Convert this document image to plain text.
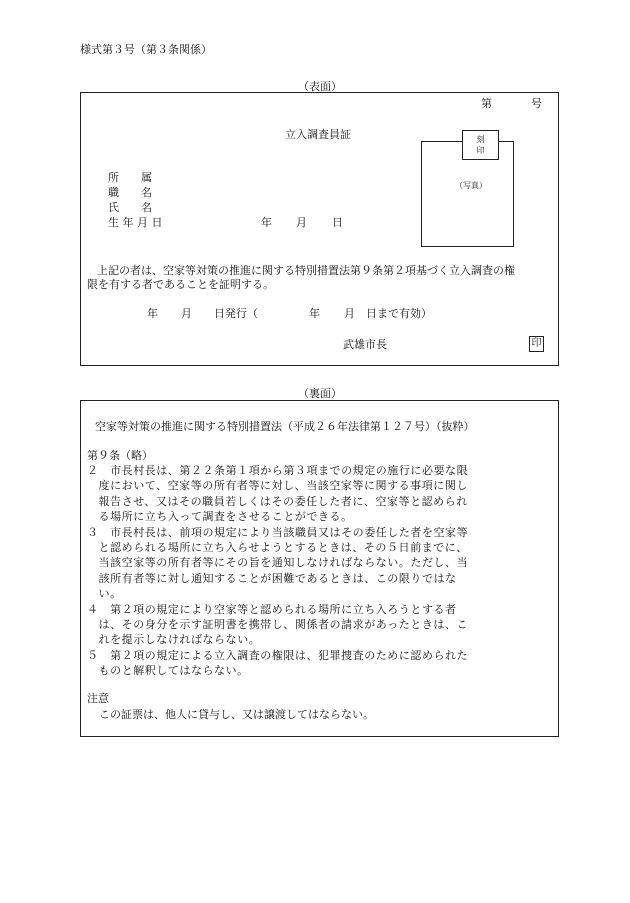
様式第３号（第３条関係）
（表面）
第	号
立入調査員証
（写真）
刻
印
所　　属
職　　名
氏　　名
生 年 月 日	年 月 日
上記の者は、空家等対策の推進に関する特別措置法第９条第２項基づく立入調査の権
限を有する者であることを証明する。
年 月 日発行（	年 月 日まで有効）
武雄市長	印
（裏面）
空家等対策の推進に関する特別措置法（平成２６年法律第１２７号）（抜粋）
第９条（略）
２　市長村長は、第２２条第１項から第３項までの規定の施行に必要な限
　度において、空家等の所有者等に対し、当該空家等に関する事項に関し
　報告させ、又はその職員若しくはその委任した者に、空家等と認められ
　る場所に立ち入って調査をさせることができる。
３　市長村長は、前項の規定により当該職員又はその委任した者を空家等
　と認められる場所に立ち入らせようとするときは、その５日前までに、
　当該空家等の所有者等にその旨を通知しなければならない。ただし、当
　該所有者等に対し通知することが困難であるときは、この限りではな
　い。
４　第２項の規定により空家等と認められる場所に立ち入ろうとする者
　は、その身分を示す証明書を携帯し、関係者の請求があったときは、こ
　れを提示しなければならない。
５　第２項の規定による立入調査の権限は、犯罪捜査のために認められた
　ものと解釈してはならない。
注意
この証票は、他人に貸与し、又は譲渡してはならない。
